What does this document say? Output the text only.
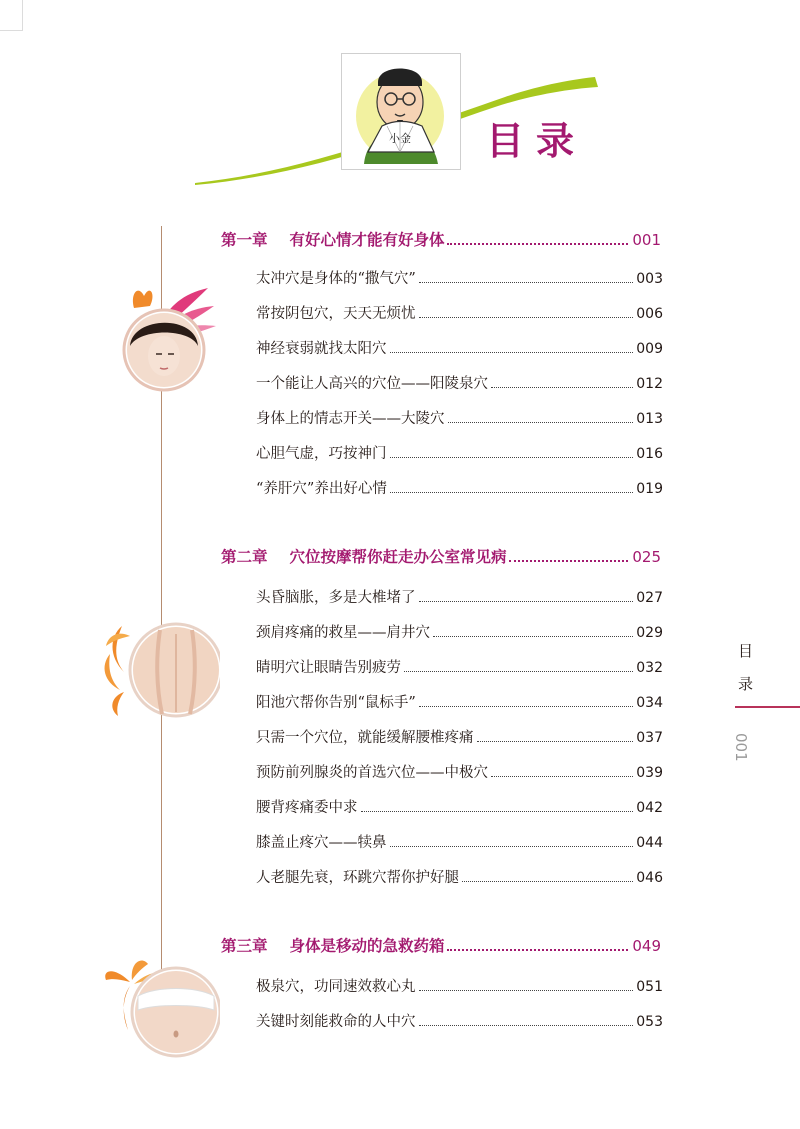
小金 目录
第一章 有好心情才能有好身体	001
太冲穴是身体的“撒气穴”	003
常按阴包穴，天天无烦忧	006
神经衰弱就找太阳穴	009
一个能让人高兴的穴位——阳陵泉穴	012
身体上的情志开关——大陵穴	013
心胆气虚，巧按神门	016
“养肝穴”养出好心情	019
第二章 穴位按摩帮你赶走办公室常见病	025
头昏脑胀，多是大椎堵了	027
颈肩疼痛的救星——肩井穴	029
睛明穴让眼睛告别疲劳	032
阳池穴帮你告别“鼠标手”	034
只需一个穴位，就能缓解腰椎疼痛	037
预防前列腺炎的首选穴位——中极穴	039
腰背疼痛委中求	042
膝盖止疼穴——犊鼻	044
人老腿先衰，环跳穴帮你护好腿	046
第三章 身体是移动的急救药箱	049
极泉穴，功同速效救心丸	051
关键时刻能救命的人中穴	053
目
录
001
